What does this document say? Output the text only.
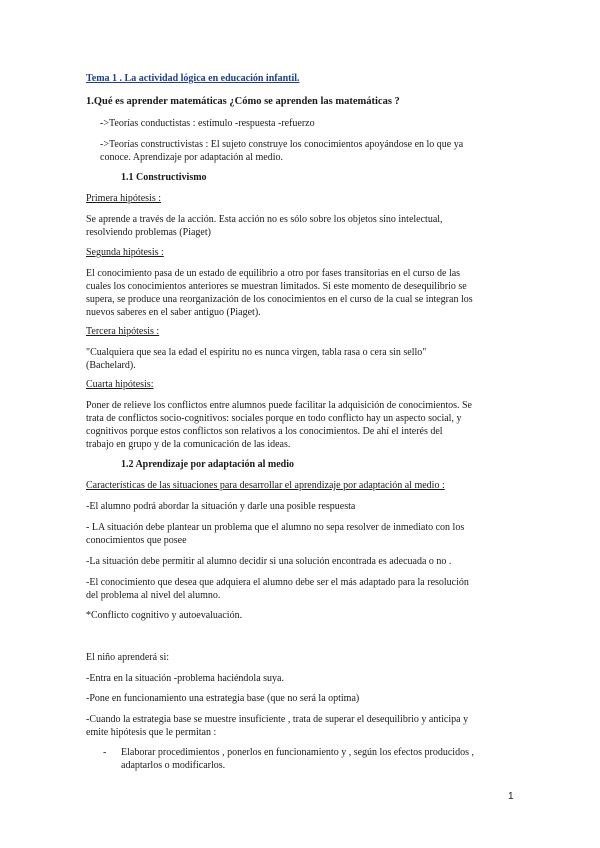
Tema 1 . La actividad lógica en educación infantil.
1.Qué es aprender matemáticas ¿Cómo se aprenden las matemáticas ?
->Teorías conductistas : estímulo -respuesta -refuerzo
->Teorías constructivistas : El sujeto construye los conocimientos apoyándose en lo que ya
conoce. Aprendizaje por adaptación al medio.
1.1 Constructivismo
Primera hipótesis :
Se aprende a través de la acción. Esta acción no es sólo sobre los objetos sino intelectual,
resolviendo problemas (Piaget)
Segunda hipótesis :
El conocimiento pasa de un estado de equilibrio a otro por fases transitorias en el curso de las
cuales los conocimientos anteriores se muestran limitados. Si este momento de desequilibrio se
supera, se produce una reorganización de los conocimientos en el curso de la cual se integran los
nuevos saberes en el saber antiguo (Piaget).
Tercera hipótesis :
"Cualquiera que sea la edad el espíritu no es nunca virgen, tabla rasa o cera sin sello"
(Bachelard).
Cuarta hipótesis:
Poner de relieve los conflictos entre alumnos puede facilitar la adquisición de conocimientos. Se
trata de conflictos socio-cognitivos: sociales porque en todo conflicto hay un aspecto social, y
cognitivos porque estos conflictos son relativos a los conocimientos. De ahí el interés del
trabajo en grupo y de la comunicación de las ideas.
1.2 Aprendizaje por adaptación al medio
Características de las situaciones para desarrollar el aprendizaje por adaptación al medio :
-El alumno podrá abordar la situación y darle una posible respuesta
- LA situación debe plantear un problema que el alumno no sepa resolver de inmediato con los
conocimientos que posee
-La situación debe permitir al alumno decidir si una solución encontrada es adecuada o no .
-El conocimiento que desea que adquiera el alumno debe ser el más adaptado para la resolución
del problema al nivel del alumno.
*Conflicto cognitivo y autoevaluación.
El niño aprenderá si:
-Entra en la situación -problema haciéndola suya.
-Pone en funcionamiento una estrategia base (que no será la optima)
-Cuando la estrategia base se muestre insuficiente , trata de superar el desequilibrio y anticipa y
emite hipótesis que le permitan :
- Elaborar procedimientos , ponerlos en funcionamiento y , según los efectos producidos ,
adaptarlos o modificarlos.
1
